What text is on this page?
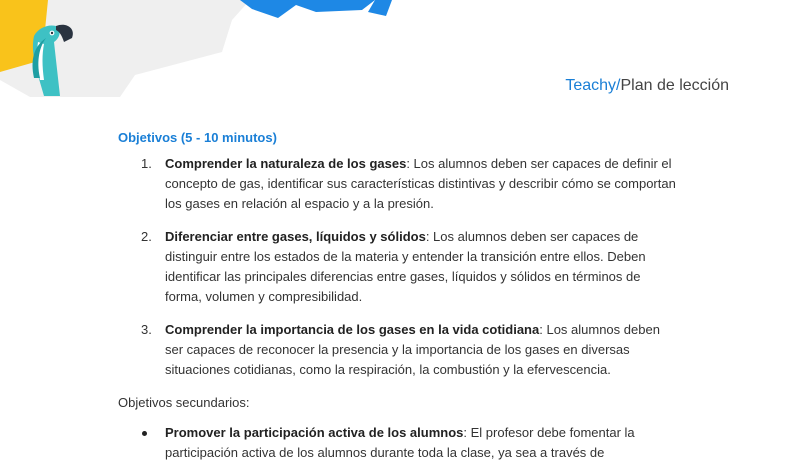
Teachy/Plan de lección
Objetivos (5 - 10 minutos)
1. Comprender la naturaleza de los gases: Los alumnos deben ser capaces de definir el concepto de gas, identificar sus características distintivas y describir cómo se comportan los gases en relación al espacio y a la presión.
2. Diferenciar entre gases, líquidos y sólidos: Los alumnos deben ser capaces de distinguir entre los estados de la materia y entender la transición entre ellos. Deben identificar las principales diferencias entre gases, líquidos y sólidos en términos de forma, volumen y compresibilidad.
3. Comprender la importancia de los gases en la vida cotidiana: Los alumnos deben ser capaces de reconocer la presencia y la importancia de los gases en diversas situaciones cotidianas, como la respiración, la combustión y la efervescencia.
Objetivos secundarios:
Promover la participación activa de los alumnos: El profesor debe fomentar la participación activa de los alumnos durante toda la clase, ya sea a través de
